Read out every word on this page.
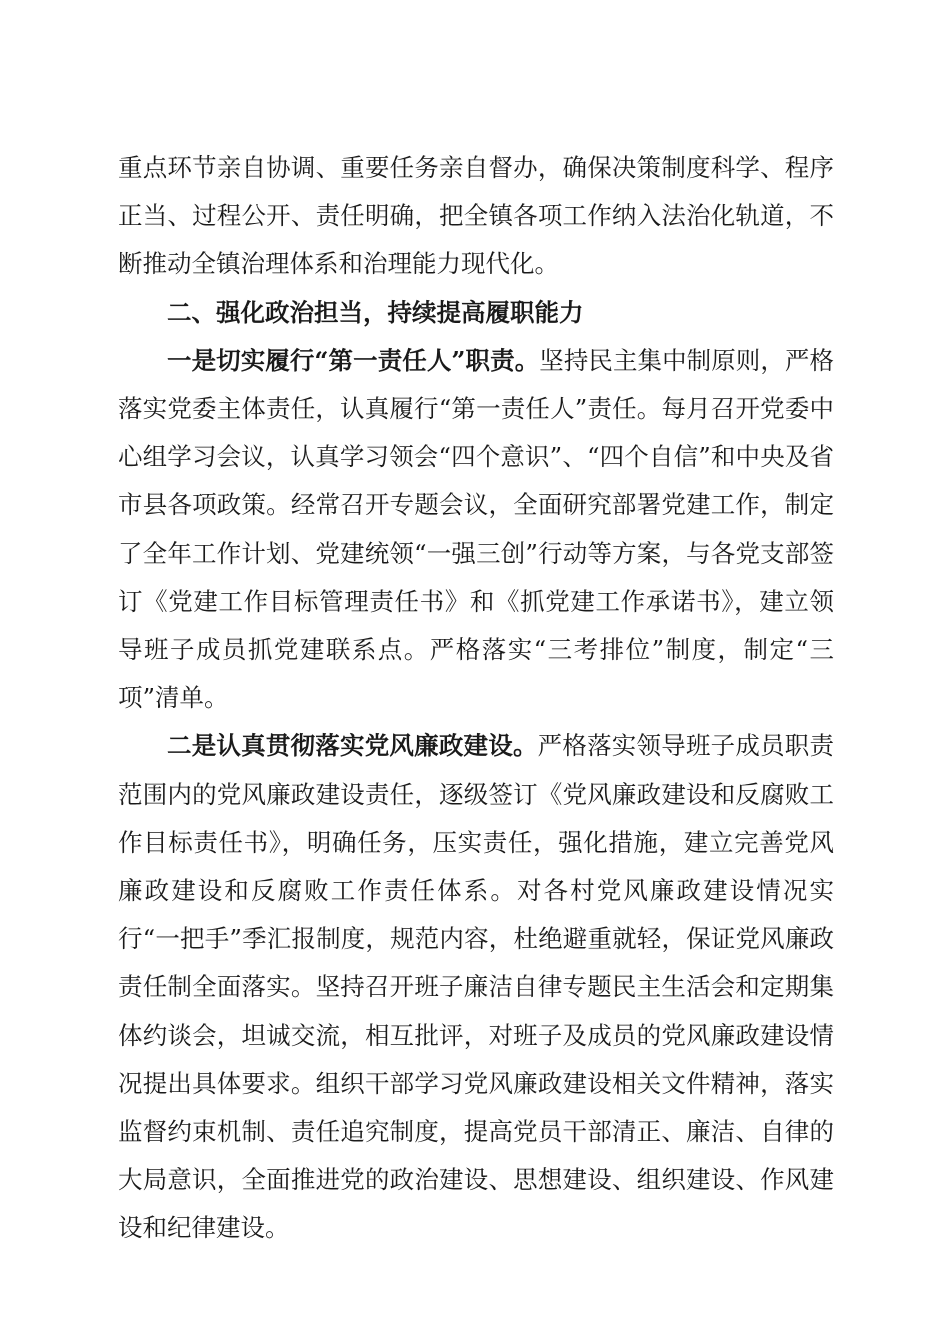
重点环节亲自协调、重要任务亲自督办，确保决策制度科学、程序正当、过程公开、责任明确，把全镇各项工作纳入法治化轨道，不断推动全镇治理体系和治理能力现代化。

二、强化政治担当，持续提高履职能力

一是切实履行“第一责任人”职责。坚持民主集中制原则，严格落实党委主体责任，认真履行“第一责任人”责任。每月召开党委中心组学习会议，认真学习领会“四个意识”、“四个自信”和中央及省市县各项政策。经常召开专题会议，全面研究部署党建工作，制定了全年工作计划、党建统领“一强三创”行动等方案，与各党支部签订《党建工作目标管理责任书》和《抓党建工作承诺书》，建立领导班子成员抓党建联系点。严格落实“三考排位”制度，制定“三项”清单。

二是认真贯彻落实党风廉政建设。严格落实领导班子成员职责范围内的党风廉政建设责任，逐级签订《党风廉政建设和反腐败工作目标责任书》，明确任务，压实责任，强化措施，建立完善党风廉政建设和反腐败工作责任体系。对各村党风廉政建设情况实行“一把手”季汇报制度，规范内容，杜绝避重就轻，保证党风廉政责任制全面落实。坚持召开班子廉洁自律专题民主生活会和定期集体约谈会，坦诚交流，相互批评，对班子及成员的党风廉政建设情况提出具体要求。组织干部学习党风廉政建设相关文件精神，落实监督约束机制、责任追究制度，提高党员干部清正、廉洁、自律的大局意识，全面推进党的政治建设、思想建设、组织建设、作风建设和纪律建设。
